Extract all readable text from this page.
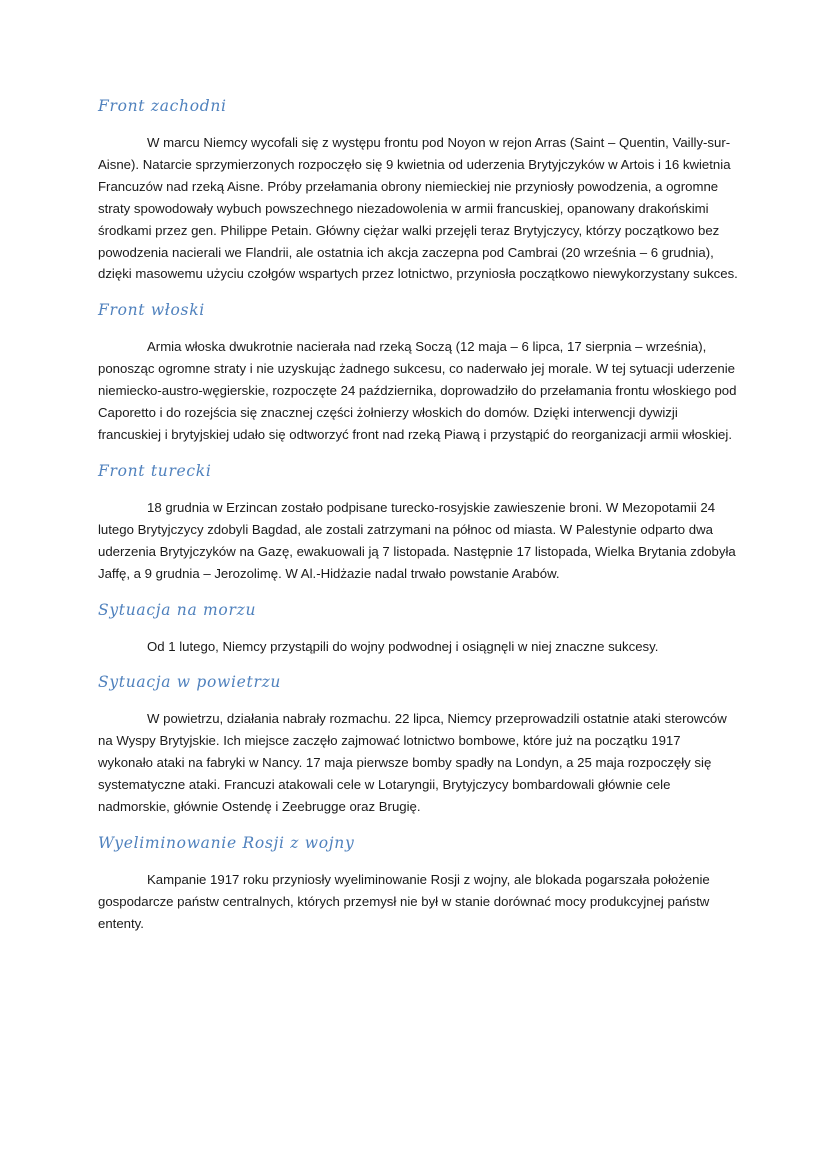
Front zachodni

W marcu Niemcy wycofali się z występu frontu pod Noyon w rejon Arras (Saint – Quentin, Vailly-sur-Aisne). Natarcie sprzymierzonych rozpoczęło się 9 kwietnia od uderzenia Brytyjczyków w Artois i 16 kwietnia Francuzów nad rzeką Aisne. Próby przełamania obrony niemieckiej nie przyniosły powodzenia, a ogromne straty spowodowały wybuch powszechnego niezadowolenia w armii francuskiej, opanowany drakońskimi środkami przez gen. Philippe Petain. Główny ciężar walki przejęli teraz Brytyjczycy, którzy początkowo bez powodzenia nacierali we Flandrii, ale ostatnia ich akcja zaczepna pod Cambrai (20 września – 6 grudnia), dzięki masowemu użyciu czołgów wspartych przez lotnictwo, przyniosła początkowo niewykorzystany sukces.

Front włoski

Armia włoska dwukrotnie nacierała nad rzeką Soczą (12 maja – 6 lipca, 17 sierpnia – września), ponosząc ogromne straty i nie uzyskując żadnego sukcesu, co naderwało jej morale. W tej sytuacji uderzenie niemiecko-austro-węgierskie, rozpoczęte 24 października, doprowadziło do przełamania frontu włoskiego pod Caporetto i do rozejścia się znacznej części żołnierzy włoskich do domów. Dzięki interwencji dywizji francuskiej i brytyjskiej udało się odtworzyć front nad rzeką Piawą i przystąpić do reorganizacji armii włoskiej.

Front turecki

18 grudnia w Erzincan zostało podpisane turecko-rosyjskie zawieszenie broni. W Mezopotamii 24 lutego Brytyjczycy zdobyli Bagdad, ale zostali zatrzymani na północ od miasta. W Palestynie odparto dwa uderzenia Brytyjczyków na Gazę, ewakuowali ją 7 listopada. Następnie 17 listopada, Wielka Brytania zdobyła Jaffę, a 9 grudnia – Jerozolimę. W Al.-Hidżazie nadal trwało powstanie Arabów.

Sytuacja na morzu

Od 1 lutego, Niemcy przystąpili do wojny podwodnej i osiągnęli w niej znaczne sukcesy.

Sytuacja w powietrzu

W powietrzu, działania nabrały rozmachu. 22 lipca, Niemcy przeprowadzili ostatnie ataki sterowców na Wyspy Brytyjskie. Ich miejsce zaczęło zajmować lotnictwo bombowe, które już na początku 1917 wykonało ataki na fabryki w Nancy. 17 maja pierwsze bomby spadły na Londyn, a 25 maja rozpoczęły się systematyczne ataki. Francuzi atakowali cele w Lotaryngii, Brytyjczycy bombardowali głównie cele nadmorskie, głównie Ostendę i Zeebrugge oraz Brugię.

Wyeliminowanie Rosji z wojny

Kampanie 1917 roku przyniosły wyeliminowanie Rosji z wojny, ale blokada pogarszała położenie gospodarcze państw centralnych, których przemysł nie był w stanie dorównać mocy produkcyjnej państw ententy.
